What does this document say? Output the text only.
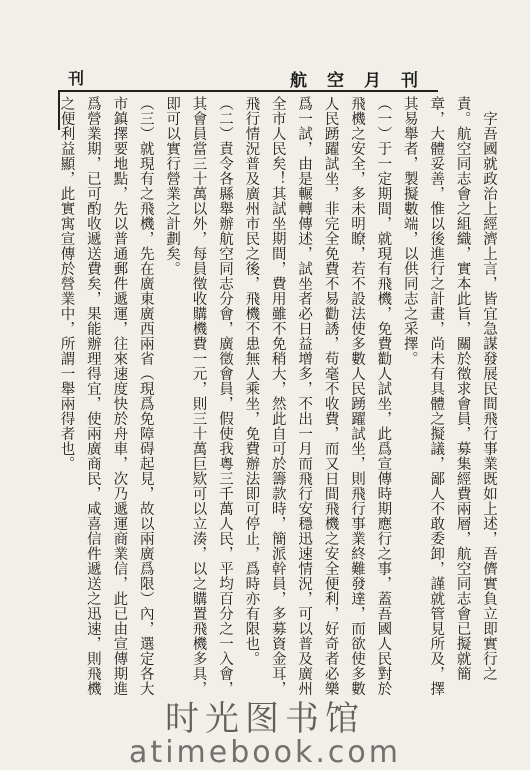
刊	航空月刊

字吾國就政治上經濟上言，皆宜急謀發展民間飛行事業既如上述，吾儕實負立即實行之責。航空同志會之組織，實本此旨，關於徵求會員，募集經費兩層，航空同志會已擬就簡章，大體妥善，惟以後進行之計畫，尚未有具體之擬議，鄙人不敢委卸，謹就管見所及，擇其易舉者，製擬數端，以供同志之采擇。

（一）于一定期間，就現有飛機，免費勸人試坐，此爲宣傳時期應行之事，蓋吾國人民對於飛機之安全，多未明瞭，若不設法使多數人民踴躍試坐，則飛行事業終難發達，而欲使多數人民踴躍試坐，非完全免費不易勸誘，苟毫不收費，而又日間飛機之安全便利，好奇者必樂爲一試，由是輾轉傳述，試坐者必日益增多，不出一月而飛行安穩迅速情況，可以普及廣州全市人民矣！其試坐期間，費用雖不免稍大，然此自可於籌款時，簡派幹員，多募資金耳，飛行情況普及廣州市民之後，飛機不患無人乘坐，免費辦法即可停止，爲時亦有限也。

（二）責令各縣舉辦航空同志分會，廣徵會員，假使我粵三千萬人民，平均百分之一入會，其會員當三十萬以外，每員徵收購機費一元，則三十萬巨欵可以立湊，以之購置飛機多具，即可以實行營業之計劃矣。

（三）就現有之飛機，先在廣東廣西兩省（現爲免障碍起見，故以兩廣爲限）內，選定各大市鎮擇要地點，先以普通郵件遞運，往來速度快於舟車，次乃遞運商業信，此已由宣傳期進爲營業期，已可酌收遞送費矣，果能辦理得宜，使兩廣商民，咸喜信件遞送之迅速，則飛機之便利益顯，此實寓宣傳於營業中，所謂一舉兩得者也。

时光图书馆
atimebook.com
